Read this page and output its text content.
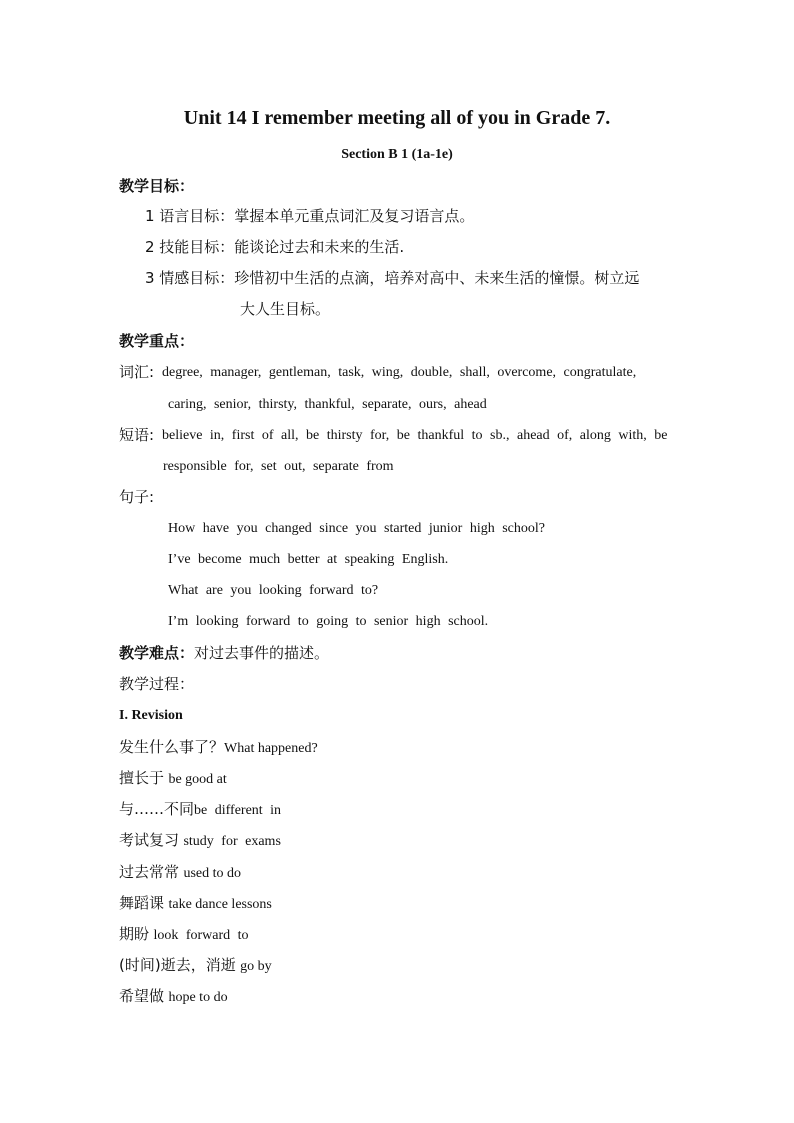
Unit 14 I remember meeting all of you in Grade 7.
Section B 1 (1a-1e)
教学目标：
1 语言目标：掌握本单元重点词汇及复习语言点。
2 技能目标：能谈论过去和未来的生活.
3 情感目标：珍惜初中生活的点滴，培养对高中、未来生活的憧憬。树立远
大人生目标。
教学重点：
词汇: degree, manager, gentleman, task, wing, double, shall, overcome, congratulate,
caring, senior, thirsty, thankful, separate, ours, ahead
短语: believe in, first of all, be thirsty for, be thankful to sb., ahead of, along with, be
responsible for, set out, separate from
句子:
How have you changed since you started junior high school?
I’ve become much better at speaking English.
What are you looking forward to?
I’m looking forward to going to senior high school.
教学难点：对过去事件的描述。
教学过程：
I. Revision
发生什么事了？What happened?
擅长于 be good at
与……不同be different in
考试复习 study for exams
过去常常 used to do
舞蹈课 take dance lessons
期盼 look forward to
(时间)逝去，消逝 go by
希望做 hope to do
